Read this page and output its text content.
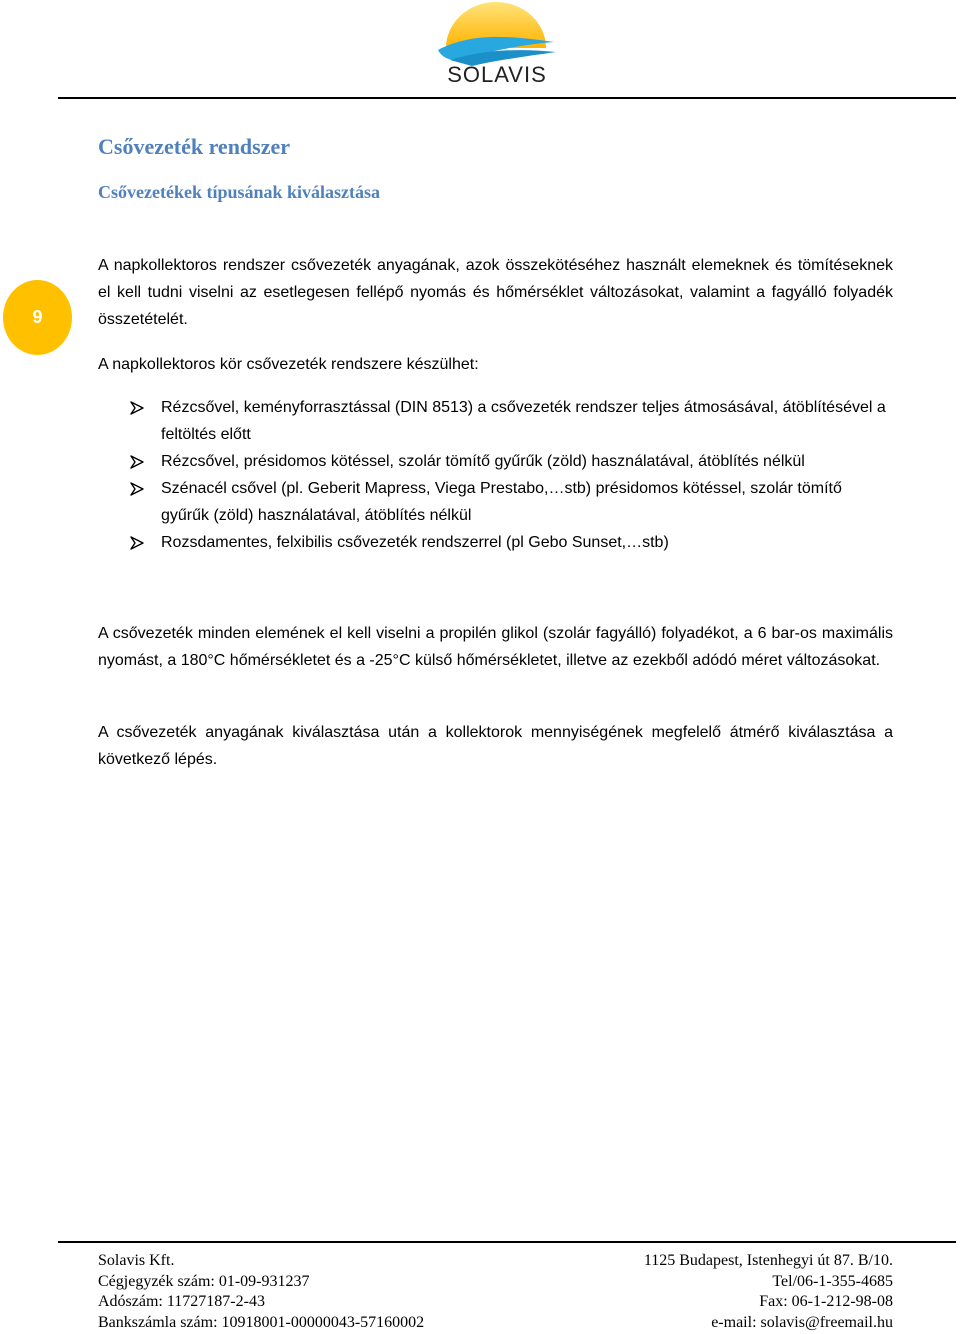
SOLAVIS
9
Csővezeték rendszer
Csővezetékek típusának kiválasztása

A napkollektoros rendszer csővezeték anyagának, azok összekötéséhez használt elemeknek és tömítéseknek el kell tudni viselni az esetlegesen fellépő nyomás és hőmérséklet változásokat, valamint a fagyálló folyadék összetételét.

A napkollektoros kör csővezeték rendszere készülhet:

Rézcsővel, keményforrasztással (DIN 8513) a csővezeték rendszer teljes átmosásával, átöblítésével a feltöltés előtt
Rézcsővel, présidomos kötéssel, szolár tömítő gyűrűk (zöld) használatával, átöblítés nélkül
Szénacél csővel (pl. Geberit Mapress, Viega Prestabo,…stb) présidomos kötéssel, szolár tömítő gyűrűk (zöld) használatával, átöblítés nélkül
Rozsdamentes, felxibilis csővezeték rendszerrel (pl Gebo Sunset,…stb)

A csővezeték minden elemének el kell viselni a propilén glikol (szolár fagyálló) folyadékot, a 6 bar-os maximális nyomást, a 180°C hőmérsékletet és a -25°C külső hőmérsékletet, illetve az ezekből adódó méret változásokat.

A csővezeték anyagának kiválasztása után a kollektorok mennyiségének megfelelő átmérő kiválasztása a következő lépés.

Solavis Kft.
Cégjegyzék szám: 01-09-931237
Adószám: 11727187-2-43
Bankszámla szám: 10918001-00000043-57160002
1125 Budapest, Istenhegyi út 87. B/10.
Tel/06-1-355-4685
Fax: 06-1-212-98-08
e-mail: solavis@freemail.hu
